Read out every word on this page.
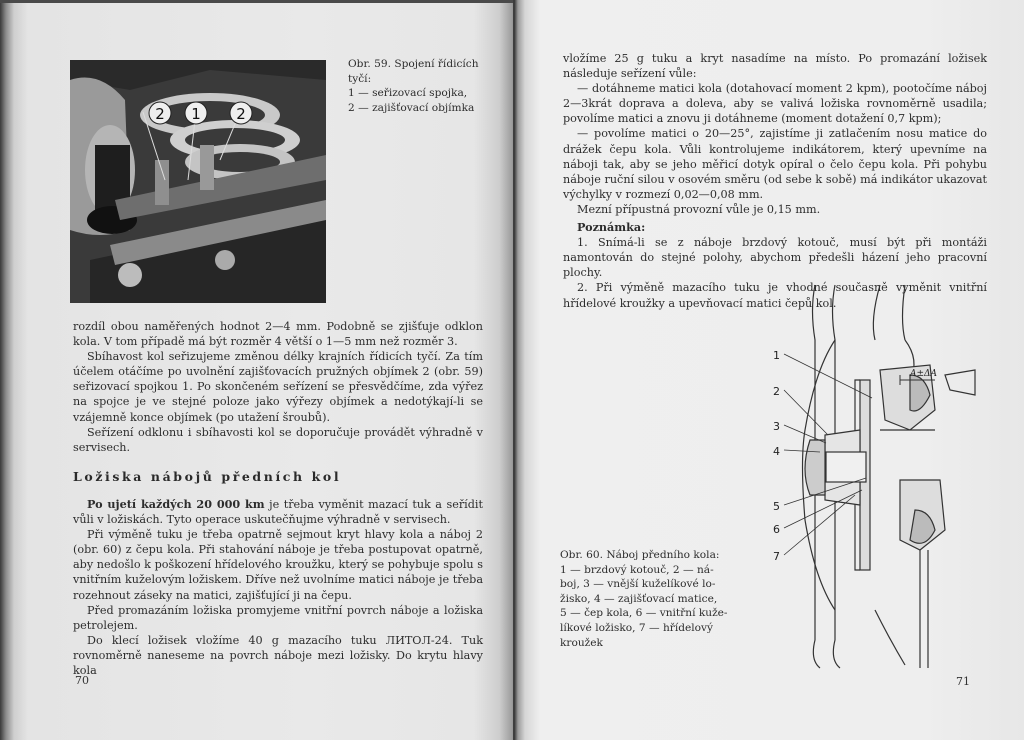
2 1 2
Obr. 59. Spojení řídicích
tyčí:
1 — seřizovací spojka,
2 — zajišťovací objímka

rozdíl obou naměřených hodnot 2—4 mm. Podobně se zjišťuje odklon kola. V tom případě má být rozměr 4 větší o 1—5 mm než rozměr 3.

Sbíhavost kol seřizujeme změnou délky krajních řídicích tyčí. Za tím účelem otáčíme po uvolnění zajišťovacích pružných objímek 2 (obr. 59) seřizovací spojkou 1. Po skončeném seřízení se přesvědčíme, zda výřez na spojce je ve stejné poloze jako výřezy objímek a nedotýkají-li se vzájemně konce objímek (po utažení šroubů).

Seřízení odklonu i sbíhavosti kol se doporučuje provádět výhradně v servisech.

Ložiska nábojů předních kol

Po ujetí každých 20 000 km je třeba vyměnit mazací tuk a seřídit vůli v ložiskách. Tyto operace uskutečňujme výhradně v servisech.

Při výměně tuku je třeba opatrně sejmout kryt hlavy kola a náboj 2 (obr. 60) z čepu kola. Při stahování náboje je třeba postupovat opatrně, aby nedošlo k poškození hřídelového kroužku, který se pohybuje spolu s vnitřním kuželovým ložiskem. Dříve než uvolníme matici náboje je třeba rozehnout zásekу na matici, zajišťující ji na čepu.

Před promazáním ložiska promyjeme vnitřní povrch náboje a ložiska petrolejem.

Do klecí ložisek vložíme 40 g mazacího tuku ЛИТОЛ-24. Tuk rovnoměrně naneseme na povrch náboje mezi ložisky. Do krytu hlavy kola

70

vložíme 25 g tuku a kryt nasadíme na místo. Po promazání ložisek následuje seřízení vůle:

— dotáhneme matici kola (dotahovací moment 2 kpm), pootočíme náboj 2—3krát doprava a doleva, aby se valivá ložiska rovnoměrně usadila; povolíme matici a znovu ji dotáhneme (moment dotažení 0,7 kpm);

— povolíme matici o 20—25°, zajistíme ji zatlačením nosu matice do drážek čepu kola. Vůli kontrolujeme indikátorem, který upevníme na náboji tak, aby se jeho měřicí dotyk opíral o čelo čepu kola. Při pohybu náboje ruční silou v osovém směru (od sebe k sobě) má indikátor ukazovat výchylky v rozmezí 0,02—0,08 mm.

Mezní přípustná provozní vůle je 0,15 mm.

Poznámka:

1. Snímá-li se z náboje brzdový kotouč, musí být při montáži namontován do stejné polohy, abychom předešli házení jeho pracovní plochy.

2. Při výměně mazacího tuku je vhodné současně vyměnit vnitřní hřídelové kroužky a upevňovací matici čepů kol.

Obr. 60. Náboj předního kola:
1 — brzdový kotouč, 2 — ná-
boj, 3 — vnější kuželíkové lo-
žisko, 4 — zajišťovací matice,
5 — čep kola, 6 — vnitřní kuže-
líkové ložisko, 7 — hřídelový
kroužek
71
A±ΔA
1
2
3
4
5
6
7
